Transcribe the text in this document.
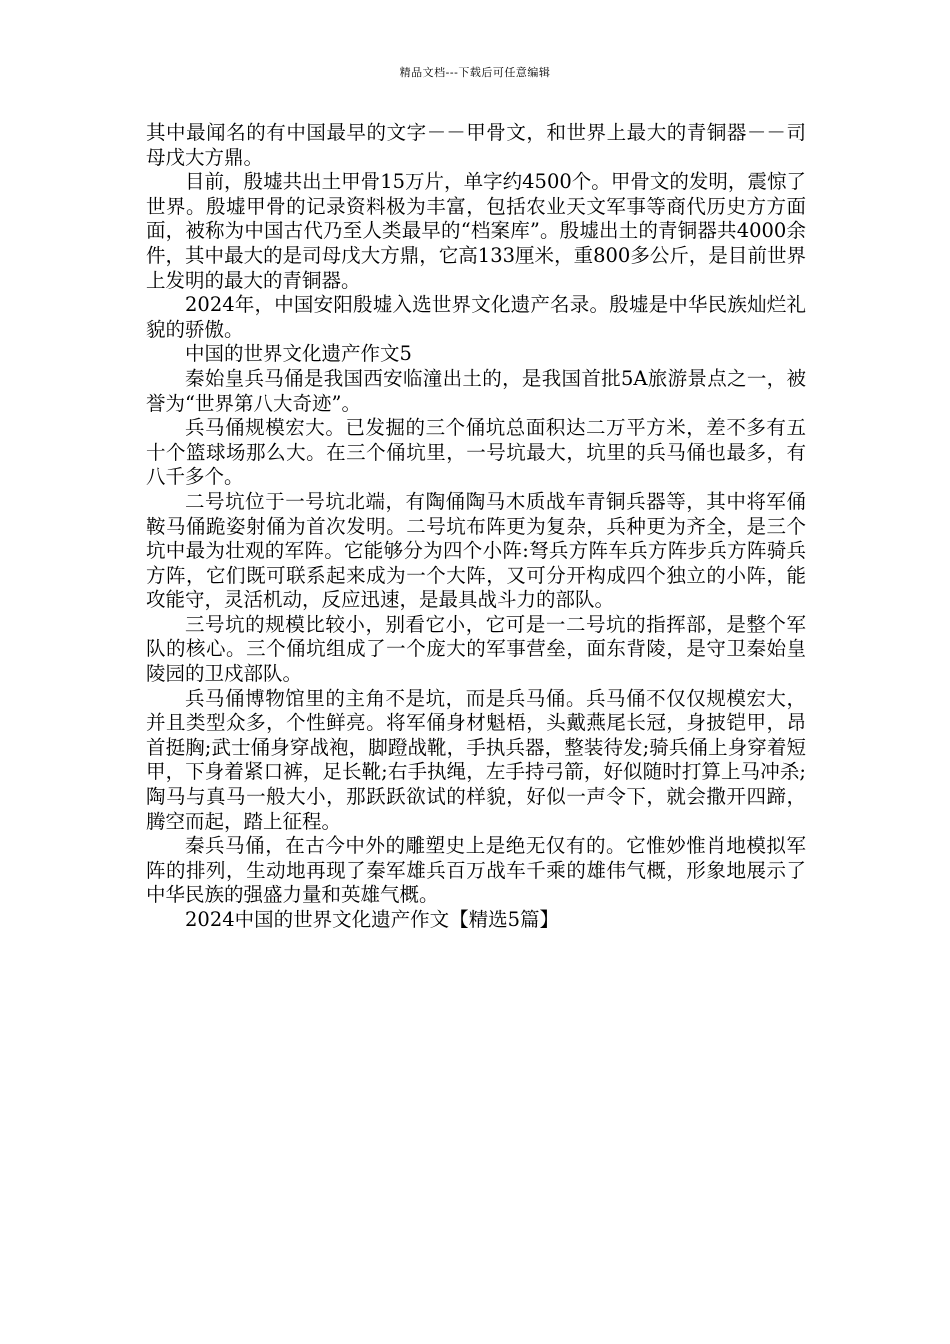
精品文档---下载后可任意编辑

其中最闻名的有中国最早的文字－－甲骨文，和世界上最大的青铜器－－司母戊大方鼎。

目前，殷墟共出土甲骨15万片，单字约4500个。甲骨文的发明，震惊了世界。殷墟甲骨的记录资料极为丰富，包括农业天文军事等商代历史方方面面，被称为中国古代乃至人类最早的“档案库”。殷墟出土的青铜器共4000余件，其中最大的是司母戊大方鼎，它高133厘米，重800多公斤，是目前世界上发明的最大的青铜器。

2024年，中国安阳殷墟入选世界文化遗产名录。殷墟是中华民族灿烂礼貌的骄傲。

中国的世界文化遗产作文5

秦始皇兵马俑是我国西安临潼出土的，是我国首批5A旅游景点之一，被誉为“世界第八大奇迹”。

兵马俑规模宏大。已发掘的三个俑坑总面积达二万平方米，差不多有五十个篮球场那么大。在三个俑坑里，一号坑最大，坑里的兵马俑也最多，有八千多个。

二号坑位于一号坑北端，有陶俑陶马木质战车青铜兵器等，其中将军俑鞍马俑跪姿射俑为首次发明。二号坑布阵更为复杂，兵种更为齐全，是三个坑中最为壮观的军阵。它能够分为四个小阵:弩兵方阵车兵方阵步兵方阵骑兵方阵，它们既可联系起来成为一个大阵，又可分开构成四个独立的小阵，能攻能守，灵活机动，反应迅速，是最具战斗力的部队。

三号坑的规模比较小，别看它小，它可是一二号坑的指挥部，是整个军队的核心。三个俑坑组成了一个庞大的军事营垒，面东背陵，是守卫秦始皇陵园的卫戍部队。

兵马俑博物馆里的主角不是坑，而是兵马俑。兵马俑不仅仅规模宏大，并且类型众多，个性鲜亮。将军俑身材魁梧，头戴燕尾长冠，身披铠甲，昂首挺胸;武士俑身穿战袍，脚蹬战靴，手执兵器，整装待发;骑兵俑上身穿着短甲，下身着紧口裤，足长靴;右手执绳，左手持弓箭，好似随时打算上马冲杀;陶马与真马一般大小，那跃跃欲试的样貌，好似一声令下，就会撒开四蹄，腾空而起，踏上征程。

秦兵马俑，在古今中外的雕塑史上是绝无仅有的。它惟妙惟肖地模拟军阵的排列，生动地再现了秦军雄兵百万战车千乘的雄伟气概，形象地展示了中华民族的强盛力量和英雄气概。

2024中国的世界文化遗产作文【精选5篇】
